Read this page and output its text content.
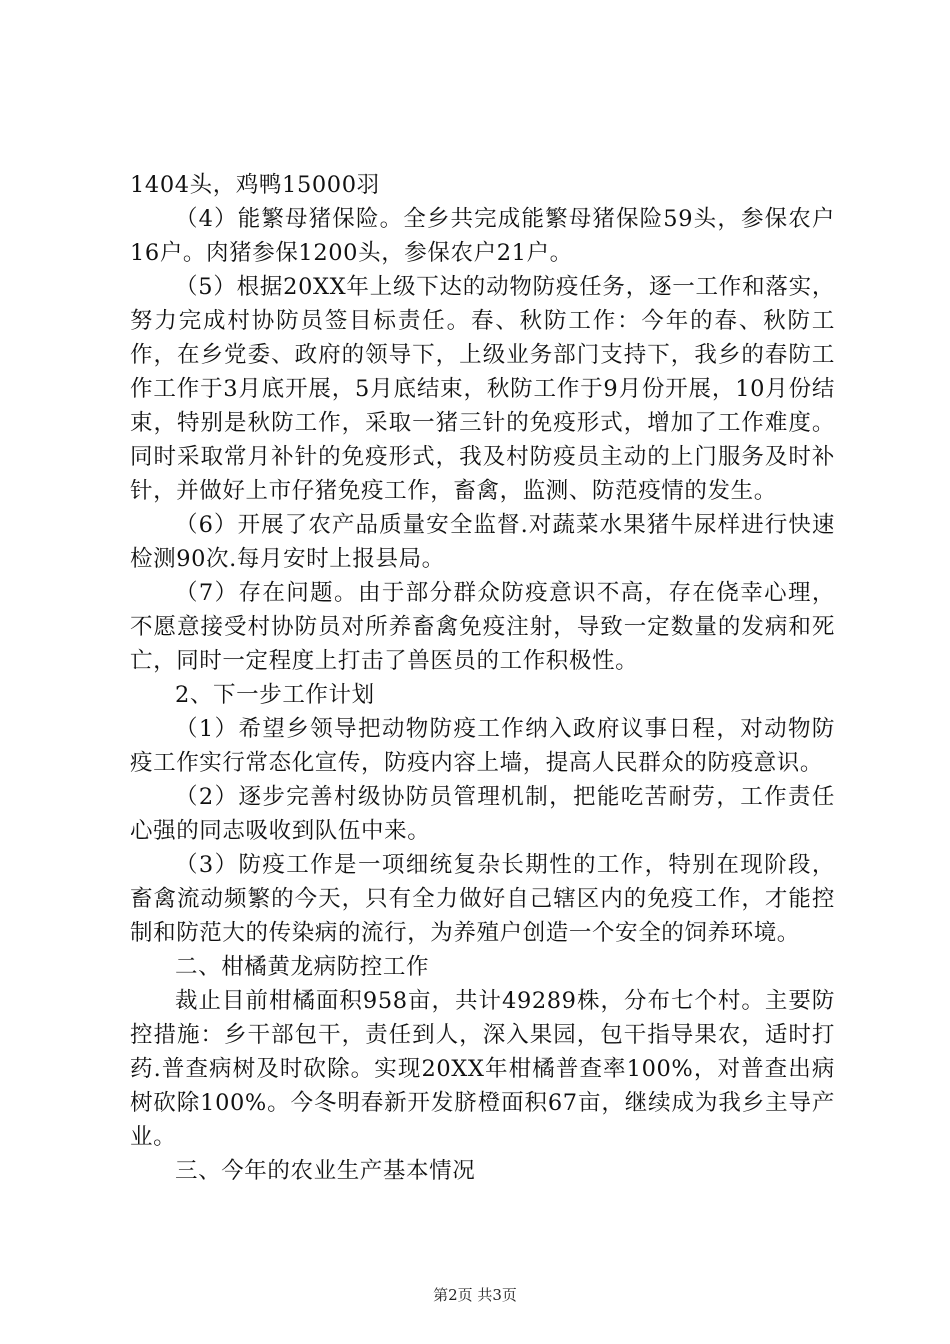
1404头，鸡鸭15000羽

（4）能繁母猪保险。全乡共完成能繁母猪保险59头，参保农户16户。肉猪参保1200头，参保农户21户。

（5）根据20XX年上级下达的动物防疫任务，逐一工作和落实，努力完成村协防员签目标责任。春、秋防工作：今年的春、秋防工作，在乡党委、政府的领导下，上级业务部门支持下，我乡的春防工作工作于3月底开展，5月底结束，秋防工作于9月份开展，10月份结束，特别是秋防工作，采取一猪三针的免疫形式，增加了工作难度。同时采取常月补针的免疫形式，我及村防疫员主动的上门服务及时补针，并做好上市仔猪免疫工作，畜禽，监测、防范疫情的发生。

（6）开展了农产品质量安全监督.对蔬菜水果猪牛尿样进行快速检测90次.每月安时上报县局。

（7）存在问题。由于部分群众防疫意识不高，存在侥幸心理，不愿意接受村协防员对所养畜禽免疫注射，导致一定数量的发病和死亡，同时一定程度上打击了兽医员的工作积极性。

2、下一步工作计划

（1）希望乡领导把动物防疫工作纳入政府议事日程，对动物防疫工作实行常态化宣传，防疫内容上墙，提高人民群众的防疫意识。

（2）逐步完善村级协防员管理机制，把能吃苦耐劳，工作责任心强的同志吸收到队伍中来。

（3）防疫工作是一项细统复杂长期性的工作，特别在现阶段，畜禽流动频繁的今天，只有全力做好自己辖区内的免疫工作，才能控制和防范大的传染病的流行，为养殖户创造一个安全的饲养环境。

二、柑橘黄龙病防控工作

裁止目前柑橘面积958亩，共计49289株，分布七个村。主要防控措施：乡干部包干，责任到人，深入果园，包干指导果农，适时打药.普查病树及时砍除。实现20XX年柑橘普查率100%，对普查出病树砍除100%。今冬明春新开发脐橙面积67亩，继续成为我乡主导产业。

三、今年的农业生产基本情况

第2页 共3页
